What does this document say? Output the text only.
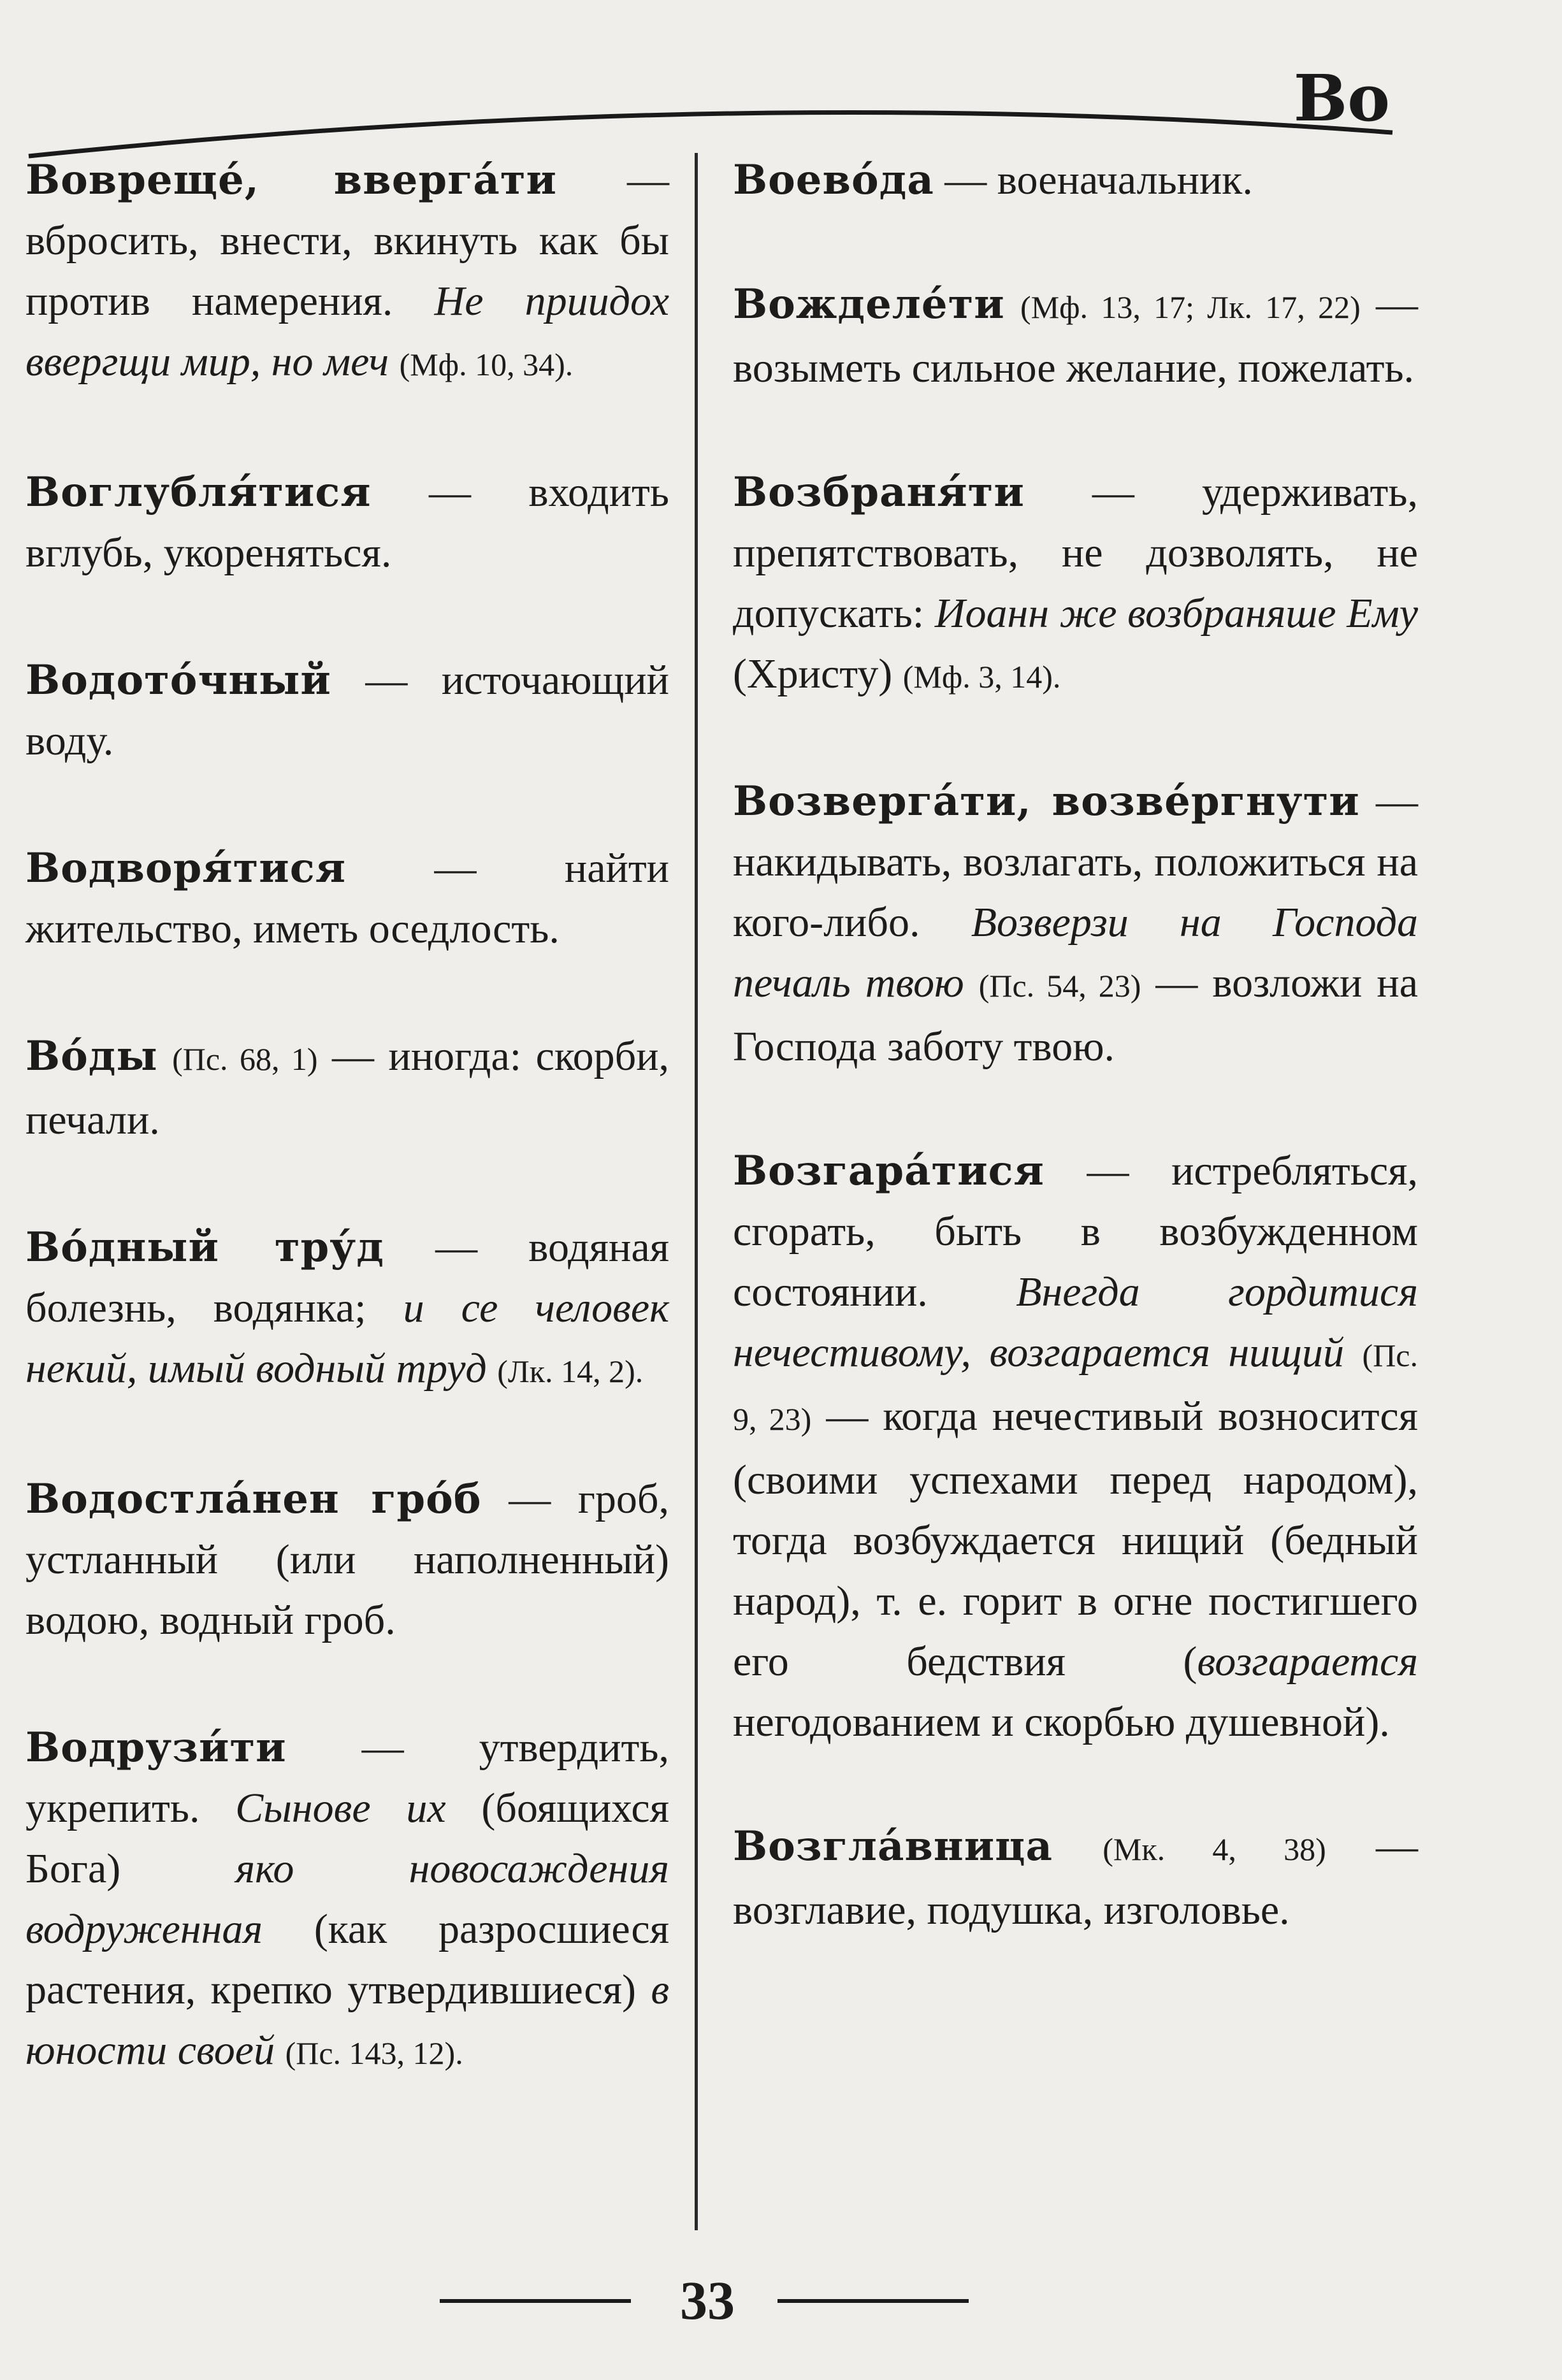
Во

Вовреще́, ввергáти — вбросить, внести, вкинуть как бы против намерения. Не приидох ввергщи мир, но меч (Мф. 10, 34).

Воглубля́тися — входить вглубь, укореняться.

Водото́чный — источающий воду.

Водворя́тися — найти жительство, иметь оседлость.

Во́ды (Пс. 68, 1) — иногда: скорби, печали.

Во́дный тру́д — водяная болезнь, водянка; и се человек некий, имый водный труд (Лк. 14, 2).

Водостла́нен гро́б — гроб, устланный (или наполненный) водою, водный гроб.

Водрузи́ти — утвердить, укрепить. Сынове их (боящихся Бога) яко новосаждения водруженная (как разросшиеся растения, крепко утвердившиеся) в юности своей (Пс. 143, 12).

Воево́да — военачальник.

Вожделе́ти (Мф. 13, 17; Лк. 17, 22) — возыметь сильное желание, пожелать.

Возбраня́ти — удерживать, препятствовать, не дозволять, не допускать: Иоанн же возбраняше Ему (Христу) (Мф. 3, 14).

Возверга́ти, возве́ргнути — накидывать, возлагать, положиться на кого-либо. Возверзи на Господа печаль твою (Пс. 54, 23) — возложи на Господа заботу твою.

Возгара́тися — истребляться, сгорать, быть в возбужденном состоянии. Внегда гордитися нечестивому, возгарается нищий (Пс. 9, 23) — когда нечестивый возносится (своими успехами перед народом), тогда возбуждается нищий (бедный народ), т. е. горит в огне постигшего его бедствия (возгарается негодованием и скорбью душевной).

Возгла́вница (Мк. 4, 38) — возглавие, подушка, изголовье.

33
